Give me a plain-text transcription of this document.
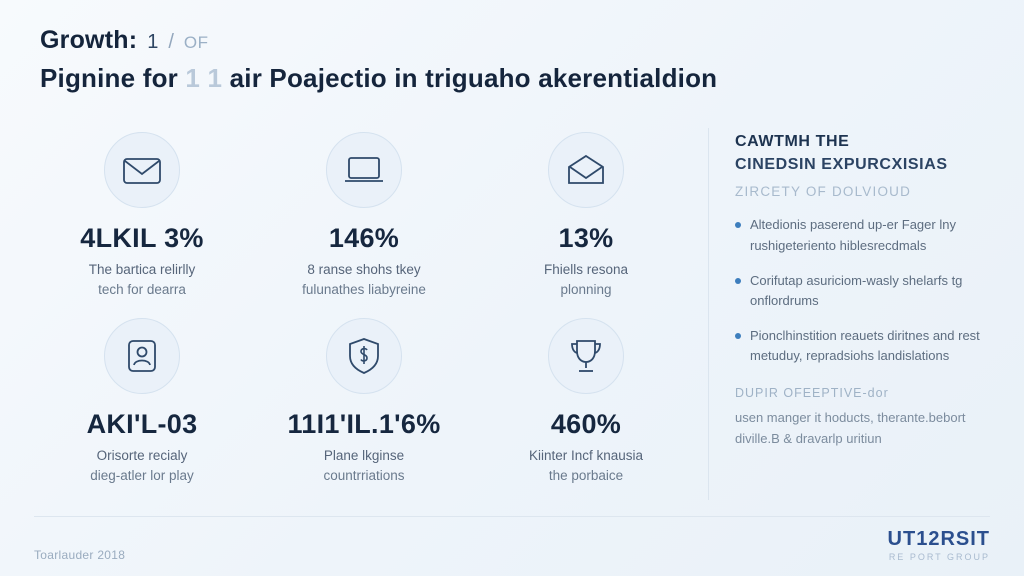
Growth: 1 / OF
Pignine for 1 1 air Poajectio in triguaho akerentialdion
4LKIL 3%
The bartica relirlly
tech for dearra
146%
8 ranse shohs tkey
fulunathes liabyreine
13%
Fhiells resona
plonning
AKI'L-03
Orisorte recialy
dieg-atler lor play
11I1'IL.1'6%
Plane lkginse
countrriations
460%
Kiinter Incf knausia
the porbaice
CAWTMH THE
CINEDSIN EXPURCXISIAS
ZIRCETY OF DOLVIOUD
Altedionis paserend up-er Fager lny rushigeteriento hiblesrecdmals
Corifutap asuriciom-wasly shelarfs tg onflordrums
Pionclhinstition reauets diritnes and rest metuduy, repradsiohs landislations
DUPIR OFEEPTIVE-dor
usen manger it hoducts, therante.bebort diville.B & dravarlp uritiun
Toarlauder 2018
UT12RSIT
RE PORT GROUP
